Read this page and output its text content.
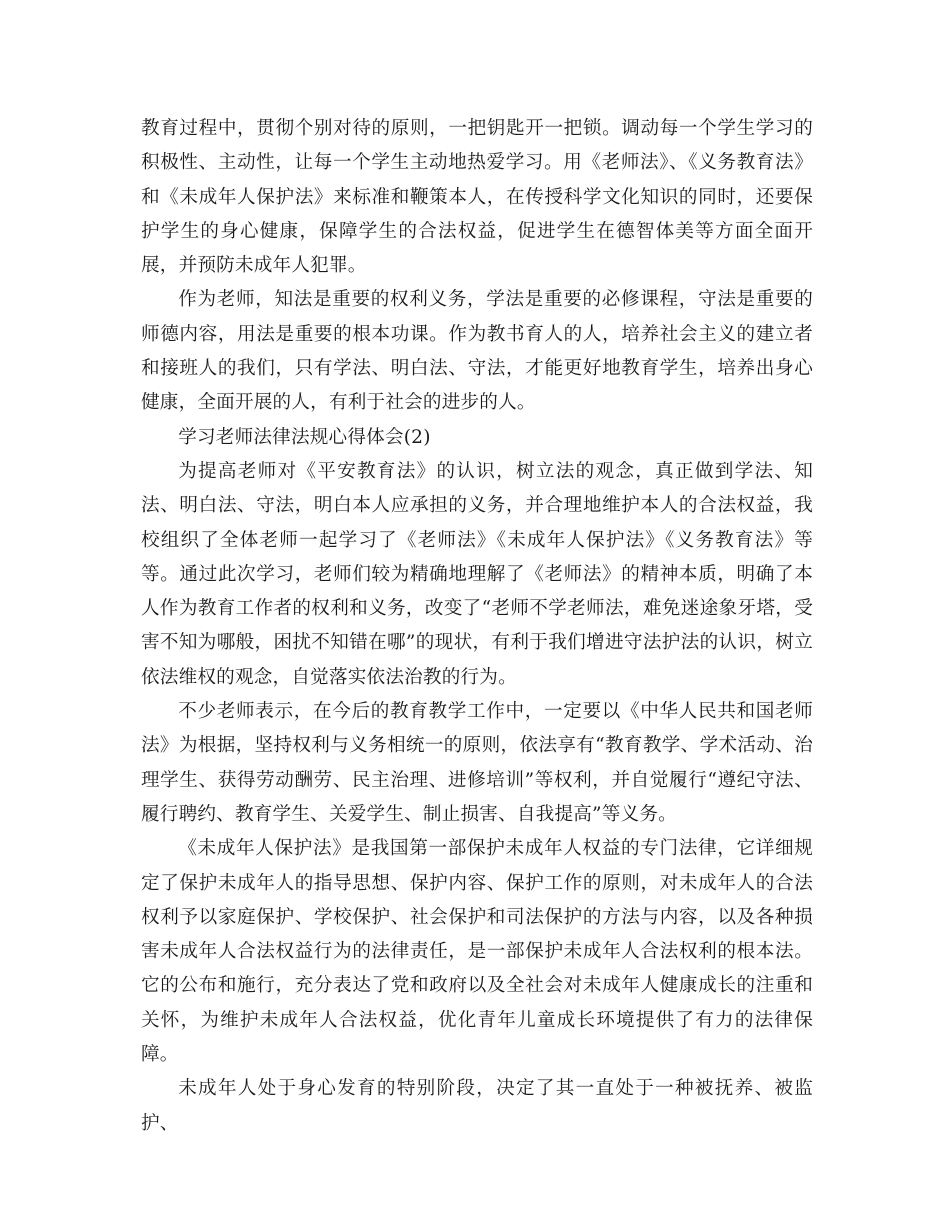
教育过程中，贯彻个别对待的原则，一把钥匙开一把锁。调动每一个学生学习的积极性、主动性，让每一个学生主动地热爱学习。用《老师法》、《义务教育法》和《未成年人保护法》来标准和鞭策本人，在传授科学文化知识的同时，还要保护学生的身心健康，保障学生的合法权益，促进学生在德智体美等方面全面开展，并预防未成年人犯罪。

作为老师，知法是重要的权利义务，学法是重要的必修课程，守法是重要的师德内容，用法是重要的根本功课。作为教书育人的人，培养社会主义的建立者和接班人的我们，只有学法、明白法、守法，才能更好地教育学生，培养出身心健康，全面开展的人，有利于社会的进步的人。

学习老师法律法规心得体会(2)

为提高老师对《平安教育法》的认识，树立法的观念，真正做到学法、知法、明白法、守法，明白本人应承担的义务，并合理地维护本人的合法权益，我校组织了全体老师一起学习了《老师法》《未成年人保护法》《义务教育法》等等。通过此次学习，老师们较为精确地理解了《老师法》的精神本质，明确了本人作为教育工作者的权利和义务，改变了“老师不学老师法，难免迷途象牙塔，受害不知为哪般，困扰不知错在哪”的现状，有利于我们增进守法护法的认识，树立依法维权的观念，自觉落实依法治教的行为。

不少老师表示，在今后的教育教学工作中，一定要以《中华人民共和国老师法》为根据，坚持权利与义务相统一的原则，依法享有“教育教学、学术活动、治理学生、获得劳动酬劳、民主治理、进修培训”等权利，并自觉履行“遵纪守法、履行聘约、教育学生、关爱学生、制止损害、自我提高”等义务。

《未成年人保护法》是我国第一部保护未成年人权益的专门法律，它详细规定了保护未成年人的指导思想、保护内容、保护工作的原则，对未成年人的合法权利予以家庭保护、学校保护、社会保护和司法保护的方法与内容，以及各种损害未成年人合法权益行为的法律责任，是一部保护未成年人合法权利的根本法。它的公布和施行，充分表达了党和政府以及全社会对未成年人健康成长的注重和关怀，为维护未成年人合法权益，优化青年儿童成长环境提供了有力的法律保障。

未成年人处于身心发育的特别阶段，决定了其一直处于一种被抚养、被监护、
